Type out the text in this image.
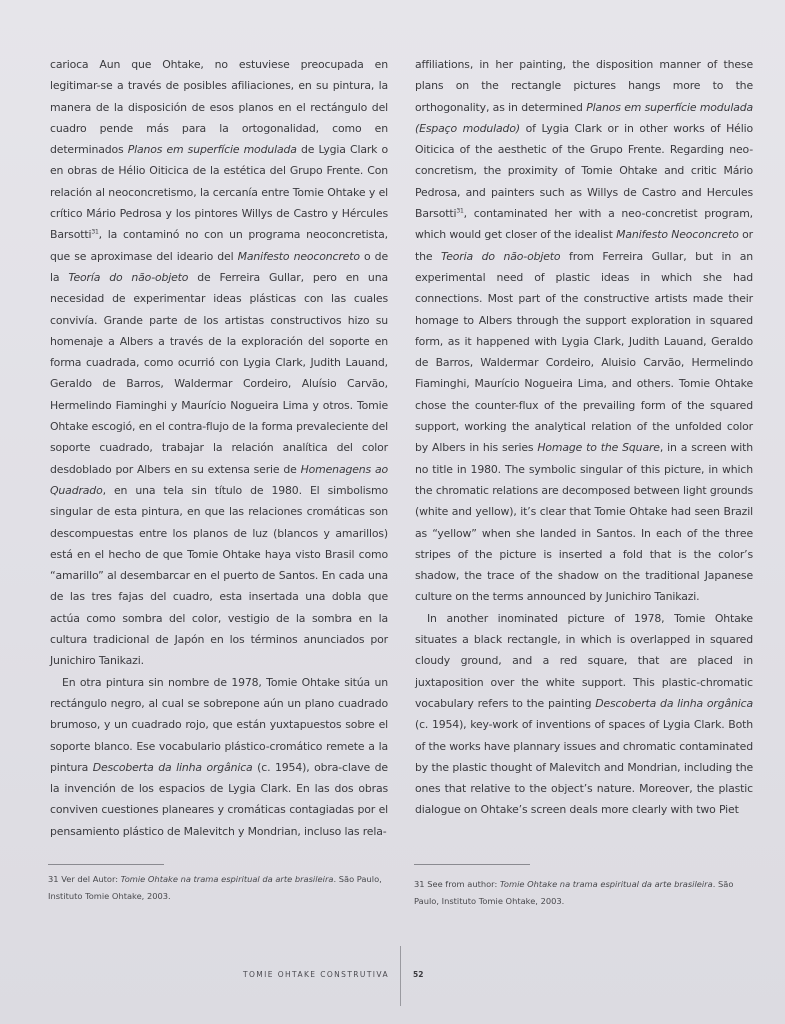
carioca Aun que Ohtake, no estuviese preocupada en legitimar-se a través de posibles afiliaciones, en su pintura, la manera de la disposición de esos planos en el rectángulo del cuadro pende más para la ortogonalidad, como en determinados Planos em superfície modulada de Lygia Clark o en obras de Hélio Oiticica de la estética del Grupo Frente. Con relación al neoconcretismo, la cercanía entre Tomie Ohtake y el crítico Mário Pedrosa y los pintores Willys de Castro y Hércules Barsotti$^{31}$, la contaminó no con un programa neoconcretista, que se aproximase del ideario del Manifesto neoconcreto o de la Teoría do não-objeto de Ferreira Gullar, pero en una necesidad de experimentar ideas plásticas con las cuales convivía. Grande parte de los artistas constructivos hizo su homenaje a Albers a través de la exploración del soporte en forma cuadrada, como ocurrió con Lygia Clark, Judith Lauand, Geraldo de Barros, Waldermar Cordeiro, Aluísio Carvão, Hermelindo Fiaminghi y Maurício Nogueira Lima y otros. Tomie Ohtake escogió, en el contra-flujo de la forma prevaleciente del soporte cuadrado, trabajar la relación analítica del color desdoblado por Albers en su extensa serie de Homenagens ao Quadrado, en una tela sin título de 1980. El simbolismo singular de esta pintura, en que las relaciones cromáticas son descompuestas entre los planos de luz (blancos y amarillos) está en el hecho de que Tomie Ohtake haya visto Brasil como “amarillo” al desembarcar en el puerto de Santos. En cada una de las tres fajas del cuadro, esta insertada una dobla que actúa como sombra del color, vestigio de la sombra en la cultura tradicional de Japón en los términos anunciados por Junichiro Tanikazi.

En otra pintura sin nombre de 1978, Tomie Ohtake sitúa un rectángulo negro, al cual se sobrepone aún un plano cuadrado brumoso, y un cuadrado rojo, que están yuxtapuestos sobre el soporte blanco. Ese vocabulario plástico-cromático remete a la pintura Descoberta da linha orgânica (c. 1954), obra-clave de la invención de los espacios de Lygia Clark. En las dos obras conviven cuestiones planeares y cromáticas contagiadas por el pensamiento plástico de Malevitch y Mondrian, incluso las rela-

affiliations, in her painting, the disposition manner of these plans on the rectangle pictures hangs more to the orthogonality, as in determined Planos em superfície modulada (Espaço modulado) of Lygia Clark or in other works of Hélio Oiticica of the aesthetic of the Grupo Frente. Regarding neo-concretism, the proximity of Tomie Ohtake and critic Mário Pedrosa, and painters such as Willys de Castro and Hercules Barsotti$^{31}$, contaminated her with a neo-concretist program, which would get closer of the idealist Manifesto Neoconcreto or the Teoria do não-objeto from Ferreira Gullar, but in an experimental need of plastic ideas in which she had connections. Most part of the constructive artists made their homage to Albers through the support exploration in squared form, as it happened with Lygia Clark, Judith Lauand, Geraldo de Barros, Waldermar Cordeiro, Aluisio Carvão, Hermelindo Fiaminghi, Maurício Nogueira Lima, and others. Tomie Ohtake chose the counter-flux of the prevailing form of the squared support, working the analytical relation of the unfolded color by Albers in his series Homage to the Square, in a screen with no title in 1980. The symbolic singular of this picture, in which the chromatic relations are decomposed between light grounds (white and yellow), it’s clear that Tomie Ohtake had seen Brazil as “yellow” when she landed in Santos. In each of the three stripes of the picture is inserted a fold that is the color’s shadow, the trace of the shadow on the traditional Japanese culture on the terms announced by Junichiro Tanikazi.

In another inominated picture of 1978, Tomie Ohtake situates a black rectangle, in which is overlapped in squared cloudy ground, and a red square, that are placed in juxtaposition over the white support. This plastic-chromatic vocabulary refers to the painting Descoberta da linha orgânica (c. 1954), key-work of inventions of spaces of Lygia Clark. Both of the works have plannary issues and chromatic contaminated by the plastic thought of Malevitch and Mondrian, including the ones that relative to the object’s nature. Moreover, the plastic dialogue on Ohtake’s screen deals more clearly with two Piet

31 Ver del Autor: Tomie Ohtake na trama espiritual da arte brasileira. São Paulo, Instituto Tomie Ohtake, 2003.
31 See from author: Tomie Ohtake na trama espiritual da arte brasileira. São Paulo, Instituto Tomie Ohtake, 2003.
TOMIE OHTAKE CONSTRUTIVA	52
